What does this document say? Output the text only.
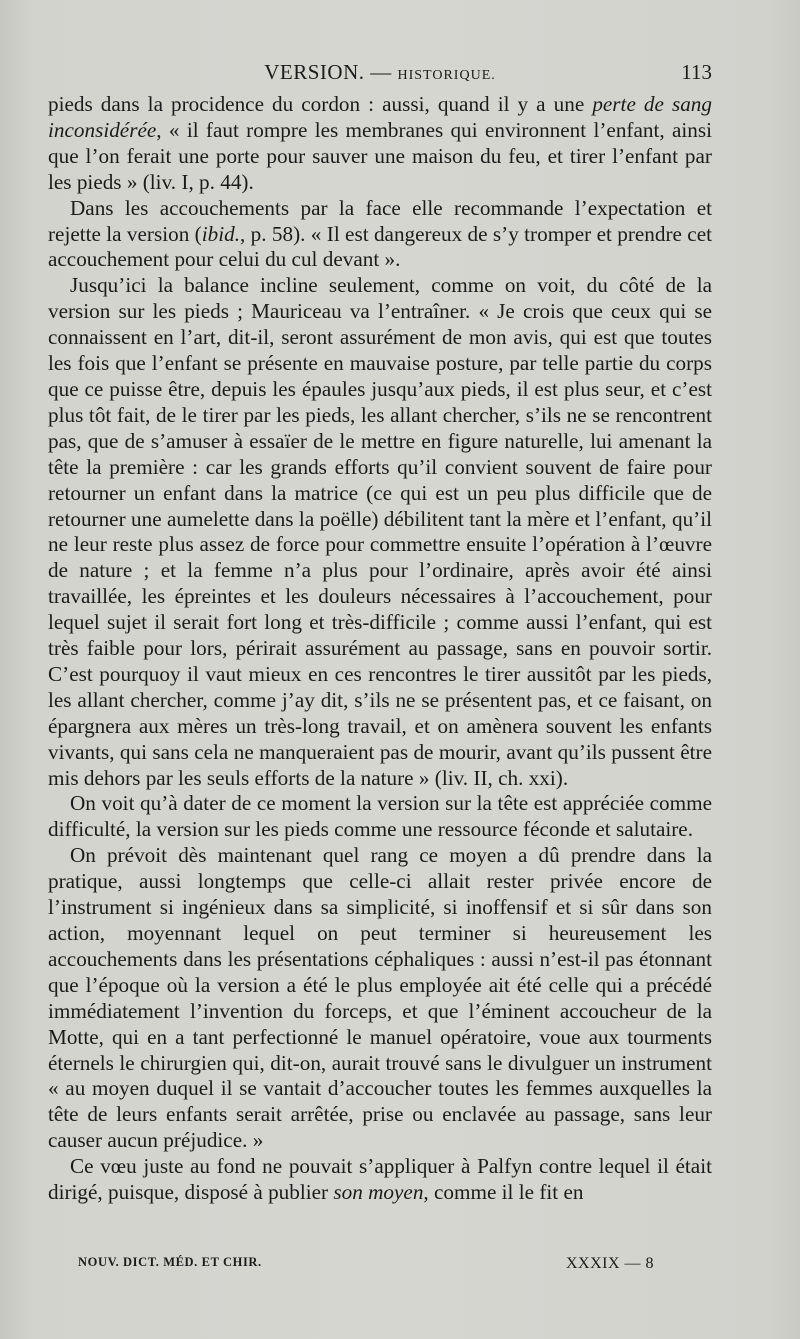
VERSION. — HISTORIQUE.	113

pieds dans la procidence du cordon : aussi, quand il y a une perte de sang inconsidérée, « il faut rompre les membranes qui environnent l’enfant, ainsi que l’on ferait une porte pour sauver une maison du feu, et tirer l’enfant par les pieds » (liv. I, p. 44).

Dans les accouchements par la face elle recommande l’expectation et rejette la version (ibid., p. 58). « Il est dangereux de s’y tromper et prendre cet accouchement pour celui du cul devant ».

Jusqu’ici la balance incline seulement, comme on voit, du côté de la version sur les pieds ; Mauriceau va l’entraîner. « Je crois que ceux qui se connaissent en l’art, dit-il, seront assurément de mon avis, qui est que toutes les fois que l’enfant se présente en mauvaise posture, par telle partie du corps que ce puisse être, depuis les épaules jusqu’aux pieds, il est plus seur, et c’est plus tôt fait, de le tirer par les pieds, les allant chercher, s’ils ne se rencontrent pas, que de s’amuser à essaïer de le mettre en figure naturelle, lui amenant la tête la première : car les grands efforts qu’il convient souvent de faire pour retourner un enfant dans la matrice (ce qui est un peu plus difficile que de retourner une aumelette dans la poëlle) débilitent tant la mère et l’enfant, qu’il ne leur reste plus assez de force pour commettre ensuite l’opération à l’œuvre de nature ; et la femme n’a plus pour l’ordinaire, après avoir été ainsi travaillée, les épreintes et les douleurs nécessaires à l’accouchement, pour lequel sujet il serait fort long et très-difficile ; comme aussi l’enfant, qui est très faible pour lors, périrait assurément au passage, sans en pouvoir sortir. C’est pourquoy il vaut mieux en ces rencontres le tirer aussitôt par les pieds, les allant chercher, comme j’ay dit, s’ils ne se présentent pas, et ce faisant, on épargnera aux mères un très-long travail, et on amènera souvent les enfants vivants, qui sans cela ne manqueraient pas de mourir, avant qu’ils pussent être mis dehors par les seuls efforts de la nature » (liv. II, ch. xxi).

On voit qu’à dater de ce moment la version sur la tête est appréciée comme difficulté, la version sur les pieds comme une ressource féconde et salutaire.

On prévoit dès maintenant quel rang ce moyen a dû prendre dans la pratique, aussi longtemps que celle-ci allait rester privée encore de l’instrument si ingénieux dans sa simplicité, si inoffensif et si sûr dans son action, moyennant lequel on peut terminer si heureusement les accouchements dans les présentations céphaliques : aussi n’est-il pas étonnant que l’époque où la version a été le plus employée ait été celle qui a précédé immédiatement l’invention du forceps, et que l’éminent accoucheur de la Motte, qui en a tant perfectionné le manuel opératoire, voue aux tourments éternels le chirurgien qui, dit-on, aurait trouvé sans le divulguer un instrument « au moyen duquel il se vantait d’accoucher toutes les femmes auxquelles la tête de leurs enfants serait arrêtée, prise ou enclavée au passage, sans leur causer aucun préjudice. »

Ce vœu juste au fond ne pouvait s’appliquer à Palfyn contre lequel il était dirigé, puisque, disposé à publier son moyen, comme il le fit en

NOUV. DICT. MÉD. ET CHIR.	XXXIX — 8
